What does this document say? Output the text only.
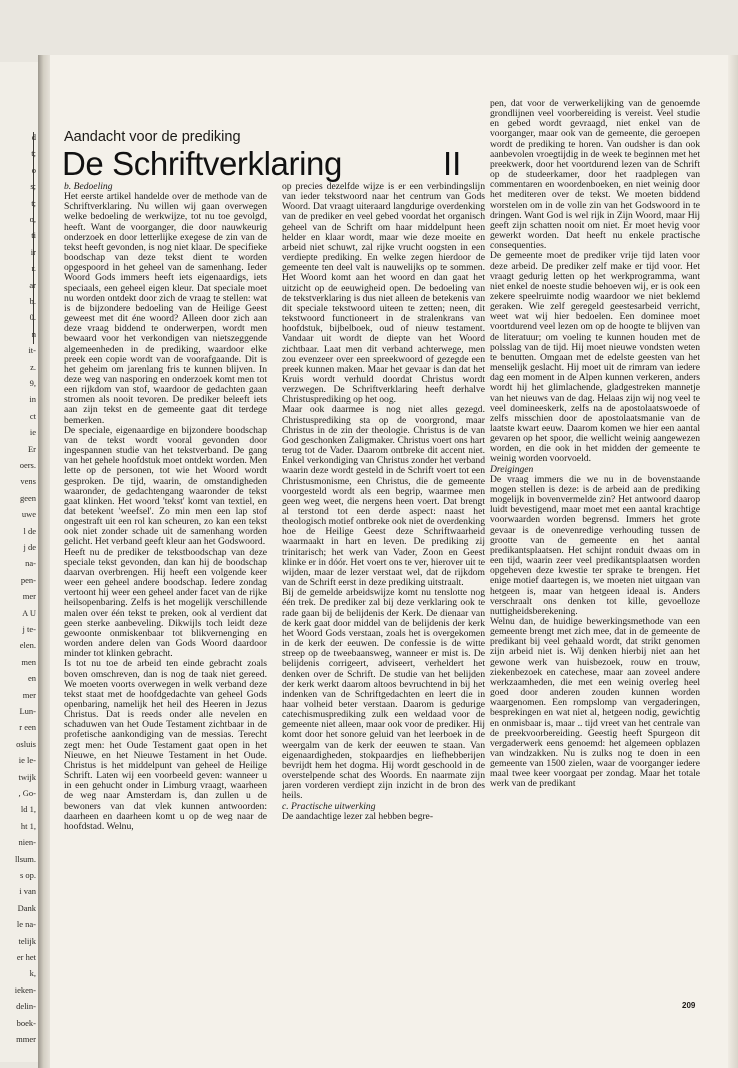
d
t;
o
s;
t;
o,
ti
ir
r.
ar
b.
0.
n
it-
z.
9,
in
ct
ie
Er
oers.
vens
geen
uwe
l de
j de
na-
pen-
mer
A U
j te-
elen.
men
en
mer
Lun-
r een
osluis
ie le-
twijk
, Go-
ld 1,
ht 1,
nien-
llsum.
s op.
i van
Dank
le na-
telijk
er het
k,
ieken-
delin-
boek-
mmer
Aandacht voor de prediking
De Schriftverklaring	II

b. Bedoeling

Het eerste artikel handelde over de methode van de Schriftverklaring. Nu willen wij gaan overwegen welke bedoeling de werkwijze, tot nu toe gevolgd, heeft. Want de voorganger, die door nauwkeurig onderzoek en door letterlijke exegese de zin van de tekst heeft gevonden, is nog niet klaar. De specifieke boodschap van deze tekst dient te worden opgespoord in het geheel van de samenhang. Ieder Woord Gods immers heeft iets eigenaardigs, iets speciaals, een geheel eigen kleur. Dat speciale moet nu worden ontdekt door zich de vraag te stellen: wat is de bijzondere bedoeling van de Heilige Geest geweest met dit éne woord? Alleen door zich aan deze vraag biddend te onderwerpen, wordt men bewaard voor het verkondigen van nietszeggende algemeenheden in de prediking, waardoor elke preek een copie wordt van de voorafgaande. Dit is het geheim om jarenlang fris te kunnen blijven. In deze weg van nasporing en onderzoek komt men tot een rijkdom van stof, waardoor de gedachten gaan stromen als nooit tevoren. De prediker beleeft iets aan zijn tekst en de gemeente gaat dit terdege bemerken.

De speciale, eigenaardige en bijzondere boodschap van de tekst wordt vooral gevonden door ingespannen studie van het tekstverband. De gang van het gehele hoofdstuk moet ontdekt worden. Men lette op de personen, tot wie het Woord wordt gesproken. De tijd, waarin, de omstandigheden waaronder, de gedachtengang waaronder de tekst gaat klinken. Het woord 'tekst' komt van textiel, en dat betekent 'weefsel'. Zo min men een lap stof ongestraft uit een rol kan scheuren, zo kan een tekst ook niet zonder schade uit de samenhang worden gelicht. Het verband geeft kleur aan het Godswoord.

Heeft nu de prediker de tekstboodschap van deze speciale tekst gevonden, dan kan hij de boodschap daarvan overbrengen. Hij heeft een volgende keer weer een geheel andere boodschap. Iedere zondag vertoont hij weer een geheel ander facet van de rijke heilsopenbaring. Zelfs is het mogelijk verschillende malen over één tekst te preken, ook al verdient dat geen sterke aanbeveling. Dikwijls toch leidt deze gewoonte onmiskenbaar tot blikvernenging en worden andere delen van Gods Woord daardoor minder tot klinken gebracht.

Is tot nu toe de arbeid ten einde gebracht zoals boven omschreven, dan is nog de taak niet gereed. We moeten voorts overwegen in welk verband deze tekst staat met de hoofdgedachte van geheel Gods openbaring, namelijk het heil des Heeren in Jezus Christus. Dat is reeds onder alle nevelen en schaduwen van het Oude Testament zichtbaar in de profetische aankondiging van de messias. Terecht zegt men: het Oude Testament gaat open in het Nieuwe, en het Nieuwe Testament in het Oude. Christus is het middelpunt van geheel de Heilige Schrift. Laten wij een voorbeeld geven: wanneer u in een gehucht onder in Limburg vraagt, waarheen de weg naar Amsterdam is, dan zullen u de bewoners van dat vlek kunnen antwoorden: daarheen en daarheen komt u op de weg naar de hoofdstad. Welnu,

op precies dezelfde wijze is er een verbindingslijn van ieder tekstwoord naar het centrum van Gods Woord. Dat vraagt uiteraard langdurige overdenking van de prediker en veel gebed voordat het organisch geheel van de Schrift om haar middelpunt heen helder en klaar wordt, maar wie deze moeite en arbeid niet schuwt, zal rijke vrucht oogsten in een verdiepte prediking. En welke zegen hierdoor de gemeente ten deel valt is nauwelijks op te sommen. Het Woord komt aan het woord en dan gaat het uitzicht op de eeuwigheid open. De bedoeling van de tekstverklaring is dus niet alleen de betekenis van dit speciale tekstwoord uiteen te zetten; neen, dit tekstwoord functioneert in de stralenkrans van hoofdstuk, bijbelboek, oud of nieuw testament. Vandaar uit wordt de diepte van het Woord zichtbaar. Laat men dit verband achterwege, men zou evenzeer over een spreekwoord of gezegde een preek kunnen maken. Maar het gevaar is dan dat het Kruis wordt verhuld doordat Christus wordt verzwegen. De Schriftverklaring heeft derhalve Christusprediking op het oog.

Maar ook daarmee is nog niet alles gezegd. Christusprediking sta op de voorgrond, maar Christus in de zin der theologie. Christus is de van God geschonken Zaligmaker. Christus voert ons hart terug tot de Vader. Daarom ontbreke dit accent niet. Enkel verkondiging van Christus zonder het verband waarin deze wordt gesteld in de Schrift voert tot een Christusmonisme, een Christus, die de gemeente voorgesteld wordt als een begrip, waarmee men geen weg weet, die nergens heen voert. Dat brengt al terstond tot een derde aspect: naast het theologisch motief ontbreke ook niet de overdenking hoe de Heilige Geest deze Schriftwaarheid waarmaakt in hart en leven. De prediking zij trinitarisch; het werk van Vader, Zoon en Geest klinke er in dóór. Het voert ons te ver, hierover uit te wijden, maar de lezer verstaat wel, dat de rijkdom van de Schrift eerst in deze prediking uitstraalt.

Bij de gemelde arbeidswijze komt nu tenslotte nog één trek. De prediker zal bij deze verklaring ook te rade gaan bij de belijdenis der Kerk. De dienaar van de kerk gaat door middel van de belijdenis der kerk het Woord Gods verstaan, zoals het is overgekomen in de kerk der eeuwen. De confessie is de witte streep op de tweebaansweg, wanneer er mist is. De belijdenis corrigeert, adviseert, verheldert het denken over de Schrift. De studie van het belijden der kerk werkt daarom altoos bevruchtend in bij het indenken van de Schriftgedachten en leert die in haar volheid beter verstaan. Daarom is gedurige catechismusprediking zulk een weldaad voor de gemeente niet alleen, maar ook voor de prediker. Hij komt door het sonore geluid van het leerboek in de weergalm van de kerk der eeuwen te staan. Van eigenaardigheden, stokpaardjes en liefhebberijen bevrijdt hem het dogma. Hij wordt geschoold in de overstelpende schat des Woords. En naarmate zijn jaren vorderen verdiept zijn inzicht in de bron des heils.

c. Practische uitwerking

De aandachtige lezer zal hebben begre-

pen, dat voor de verwerkelijking van de genoemde grondlijnen veel voorbereiding is vereist. Veel studie en gebed wordt gevraagd, niet enkel van de voorganger, maar ook van de gemeente, die geroepen wordt de prediking te horen. Van oudsher is dan ook aanbevolen vroegtijdig in de week te beginnen met het preekwerk, door het voortdurend lezen van de Schrift op de studeerkamer, door het raadplegen van commentaren en woordenboeken, en niet weinig door het mediteren over de tekst. We moeten biddend worstelen om in de volle zin van het Godswoord in te dringen. Want God is wel rijk in Zijn Woord, maar Hij geeft zijn schatten nooit om niet. Er moet hevig voor gewerkt worden. Dat heeft nu enkele practische consequenties.

De gemeente moet de prediker vrije tijd laten voor deze arbeid. De prediker zelf make er tijd voor. Het vraagt gedurig letten op het werkprogramma, want niet enkel de noeste studie behoeven wij, er is ook een zekere speelruimte nodig waardoor we niet beklemd geraken. Wie zelf geregeld geestesarbeid verricht, weet wat wij hier bedoelen. Een dominee moet voortdurend veel lezen om op de hoogte te blijven van de literatuur; om voeling te kunnen houden met de polsslag van de tijd. Hij moet nieuwe vondsten weten te benutten. Omgaan met de edelste geesten van het menselijk geslacht. Hij moet uit de rimram van iedere dag een moment in de Alpen kunnen verkeren, anders wordt hij het glimlachende, gladgestreken mannetje van het nieuws van de dag. Helaas zijn wij nog veel te veel domineeskerk, zelfs na de apostolaatswoede of zelfs misschien door de apostolaatsmanie van de laatste kwart eeuw. Daarom komen we hier een aantal gevaren op het spoor, die wellicht weinig aangewezen worden, en die ook in het midden der gemeente te weinig worden voorvoeld.

Dreigingen

De vraag immers die we nu in de bovenstaande mogen stellen is deze: is de arbeid aan de prediking mogelijk in bovenvermelde zin? Het antwoord daarop luidt bevestigend, maar moet met een aantal krachtige voorwaarden worden begrensd. Immers het grote gevaar is de onevenredige verhouding tussen de grootte van de gemeente en het aantal predikantsplaatsen. Het schijnt ronduit dwaas om in een tijd, waarin zeer veel predikantsplaatsen worden opgeheven deze kwestie ter sprake te brengen. Het enige motief daartegen is, we moeten niet uitgaan van hetgeen is, maar van hetgeen ideaal is. Anders verschraalt ons denken tot kille, gevoelloze nuttigheidsberekening.

Welnu dan, de huidige bewerkingsmethode van een gemeente brengt met zich mee, dat in de gemeente de predikant bij veel gehaald wordt, dat strikt genomen zijn arbeid niet is. Wij denken hierbij niet aan het gewone werk van huisbezoek, rouw en trouw, ziekenbezoek en catechese, maar aan zoveel andere werkzaamheden, die met een weinig overleg heel goed door anderen zouden kunnen worden waargenomen. Een rompslomp van vergaderingen, besprekingen en wat niet al, hetgeen nodig, gewichtig en onmisbaar is, maar .. tijd vreet van het centrale van de preekvoorbereiding. Geestig heeft Spurgeon dit vergaderwerk eens genoemd: het algemeen opblazen van windzakken. Nu is zulks nog te doen in een gemeente van 1500 zielen, waar de voorganger iedere maal twee keer voorgaat per zondag. Maar het totale werk van de predikant

209
